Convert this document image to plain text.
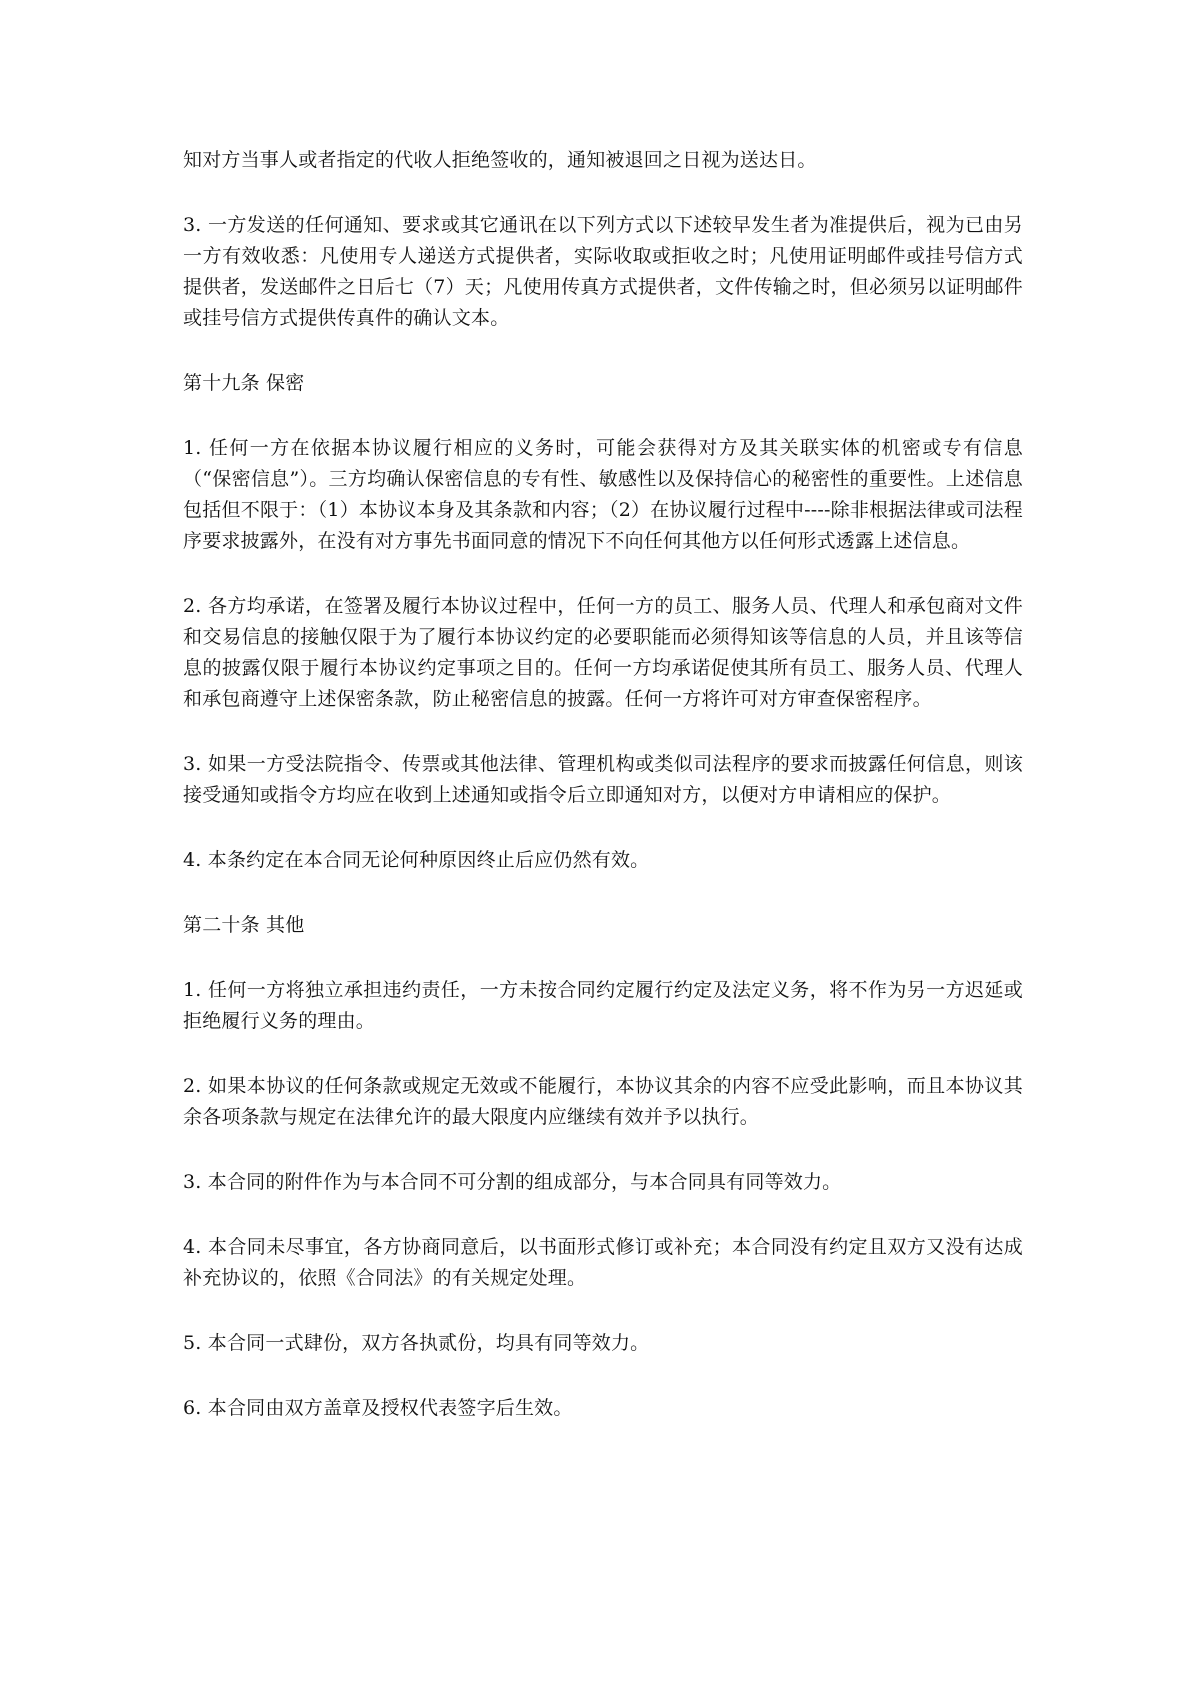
知对方当事人或者指定的代收人拒绝签收的，通知被退回之日视为送达日。

3. 一方发送的任何通知、要求或其它通讯在以下列方式以下述较早发生者为准提供后，视为已由另一方有效收悉：凡使用专人递送方式提供者，实际收取或拒收之时；凡使用证明邮件或挂号信方式提供者，发送邮件之日后七（7）天；凡使用传真方式提供者，文件传输之时，但必须另以证明邮件或挂号信方式提供传真件的确认文本。

第十九条 保密

1. 任何一方在依据本协议履行相应的义务时，可能会获得对方及其关联实体的机密或专有信息（“保密信息”）。三方均确认保密信息的专有性、敏感性以及保持信心的秘密性的重要性。上述信息包括但不限于：（1）本协议本身及其条款和内容；（2）在协议履行过程中----除非根据法律或司法程序要求披露外，在没有对方事先书面同意的情况下不向任何其他方以任何形式透露上述信息。

2. 各方均承诺，在签署及履行本协议过程中，任何一方的员工、服务人员、代理人和承包商对文件和交易信息的接触仅限于为了履行本协议约定的必要职能而必须得知该等信息的人员，并且该等信息的披露仅限于履行本协议约定事项之目的。任何一方均承诺促使其所有员工、服务人员、代理人和承包商遵守上述保密条款，防止秘密信息的披露。任何一方将许可对方审查保密程序。

3. 如果一方受法院指令、传票或其他法律、管理机构或类似司法程序的要求而披露任何信息，则该接受通知或指令方均应在收到上述通知或指令后立即通知对方，以便对方申请相应的保护。

4. 本条约定在本合同无论何种原因终止后应仍然有效。

第二十条 其他

1. 任何一方将独立承担违约责任，一方未按合同约定履行约定及法定义务，将不作为另一方迟延或拒绝履行义务的理由。

2. 如果本协议的任何条款或规定无效或不能履行，本协议其余的内容不应受此影响，而且本协议其余各项条款与规定在法律允许的最大限度内应继续有效并予以执行。

3. 本合同的附件作为与本合同不可分割的组成部分，与本合同具有同等效力。

4. 本合同未尽事宜，各方协商同意后，以书面形式修订或补充；本合同没有约定且双方又没有达成补充协议的，依照《合同法》的有关规定处理。

5. 本合同一式肆份，双方各执贰份，均具有同等效力。

6. 本合同由双方盖章及授权代表签字后生效。
